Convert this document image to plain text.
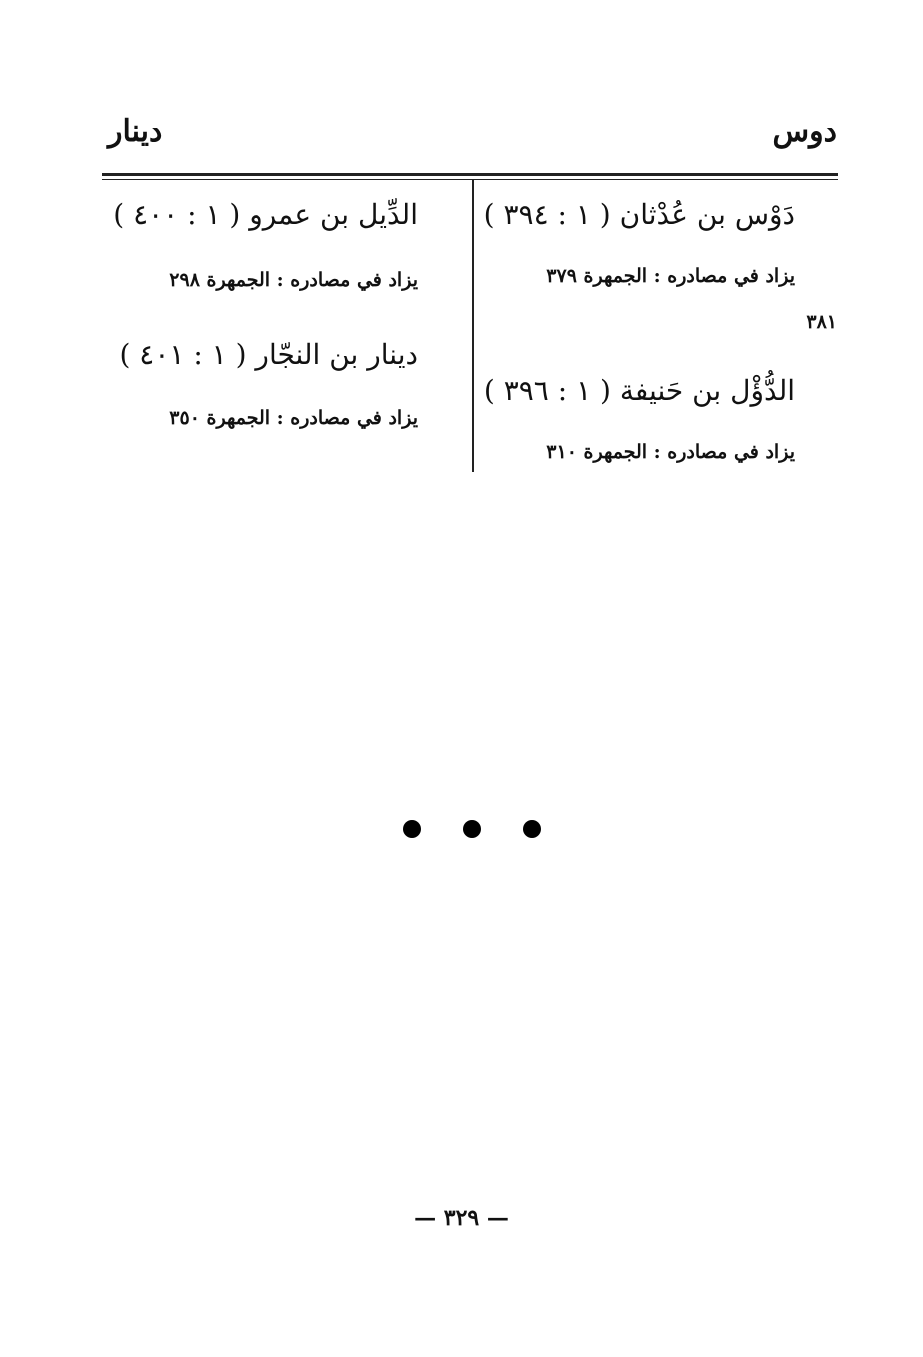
دوس
دينار
دَوْس بن عُدْثان ( ١ : ٣٩٤ )
يزاد في مصادره : الجمهرة ٣٧٩
٣٨١
الدُّؤْل بن حَنيفة ( ١ : ٣٩٦ )
يزاد في مصادره : الجمهرة ٣١٠
الدِّيل بن عمرو ( ١ : ٤٠٠ )
يزاد في مصادره : الجمهرة ٢٩٨
دينار بن النجّار ( ١ : ٤٠١ )
يزاد في مصادره : الجمهرة ٣٥٠
— ٣٢٩ —
